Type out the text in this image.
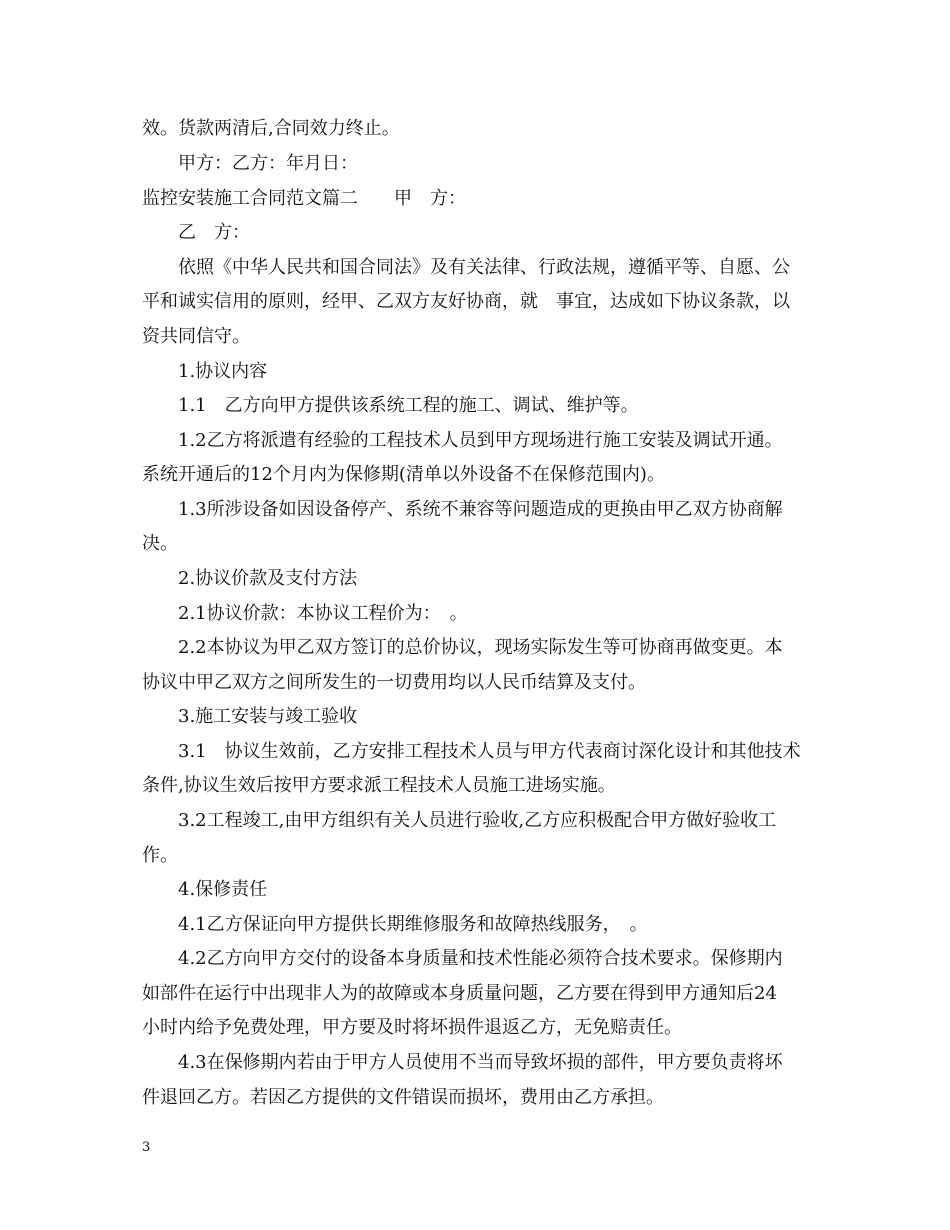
效。货款两清后,合同效力终止。
甲方：乙方：年月日：
监控安装施工合同范文篇二　　甲　方：
乙　方：
依照《中华人民共和国合同法》及有关法律、行政法规，遵循平等、自愿、公
平和诚实信用的原则，经甲、乙双方友好协商，就　事宜，达成如下协议条款，以
资共同信守。
1.协议内容
1.1　乙方向甲方提供该系统工程的施工、调试、维护等。
1.2乙方将派遣有经验的工程技术人员到甲方现场进行施工安装及调试开通。
系统开通后的12个月内为保修期(清单以外设备不在保修范围内)。
1.3所涉设备如因设备停产、系统不兼容等问题造成的更换由甲乙双方协商解
决。
2.协议价款及支付方法
2.1协议价款：本协议工程价为：　。
2.2本协议为甲乙双方签订的总价协议，现场实际发生等可协商再做变更。本
协议中甲乙双方之间所发生的一切费用均以人民币结算及支付。
3.施工安装与竣工验收
3.1　协议生效前，乙方安排工程技术人员与甲方代表商讨深化设计和其他技术
条件,协议生效后按甲方要求派工程技术人员施工进场实施。
3.2工程竣工,由甲方组织有关人员进行验收,乙方应积极配合甲方做好验收工
作。
4.保修责任
4.1乙方保证向甲方提供长期维修服务和故障热线服务，　。
4.2乙方向甲方交付的设备本身质量和技术性能必须符合技术要求。保修期内
如部件在运行中出现非人为的故障或本身质量问题，乙方要在得到甲方通知后24
小时内给予免费处理，甲方要及时将坏损件退返乙方，无免赔责任。
4.3在保修期内若由于甲方人员使用不当而导致坏损的部件，甲方要负责将坏
件退回乙方。若因乙方提供的文件错误而损坏，费用由乙方承担。
3
